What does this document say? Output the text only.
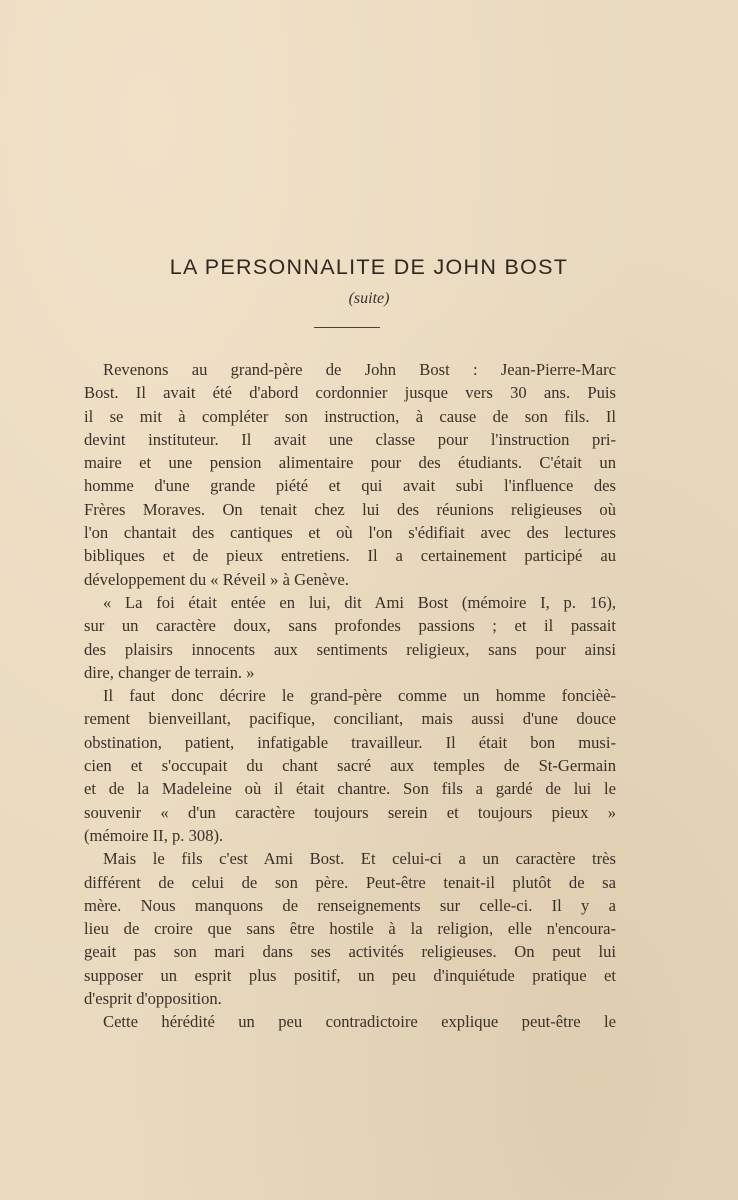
LA PERSONNALITE DE JOHN BOST
(suite)
Revenons au grand-père de John Bost : Jean-Pierre-Marc
Bost. Il avait été d'abord cordonnier jusque vers 30 ans. Puis
il se mit à compléter son instruction, à cause de son fils. Il
devint instituteur. Il avait une classe pour l'instruction pri-
maire et une pension alimentaire pour des étudiants. C'était un
homme d'une grande piété et qui avait subi l'influence des
Frères Moraves. On tenait chez lui des réunions religieuses où
l'on chantait des cantiques et où l'on s'édifiait avec des lectures
bibliques et de pieux entretiens. Il a certainement participé au
développement du « Réveil » à Genève.
« La foi était entée en lui, dit Ami Bost (mémoire I, p. 16),
sur un caractère doux, sans profondes passions ; et il passait
des plaisirs innocents aux sentiments religieux, sans pour ainsi
dire, changer de terrain. »
Il faut donc décrire le grand-père comme un homme foncièè-
rement bienveillant, pacifique, conciliant, mais aussi d'une douce
obstination, patient, infatigable travailleur. Il était bon musi-
cien et s'occupait du chant sacré aux temples de St-Germain
et de la Madeleine où il était chantre. Son fils a gardé de lui le
souvenir « d'un caractère toujours serein et toujours pieux »
(mémoire II, p. 308).
Mais le fils c'est Ami Bost. Et celui-ci a un caractère très
différent de celui de son père. Peut-être tenait-il plutôt de sa
mère. Nous manquons de renseignements sur celle-ci. Il y a
lieu de croire que sans être hostile à la religion, elle n'encoura-
geait pas son mari dans ses activités religieuses. On peut lui
supposer un esprit plus positif, un peu d'inquiétude pratique et
d'esprit d'opposition.
Cette hérédité un peu contradictoire explique peut-être le
